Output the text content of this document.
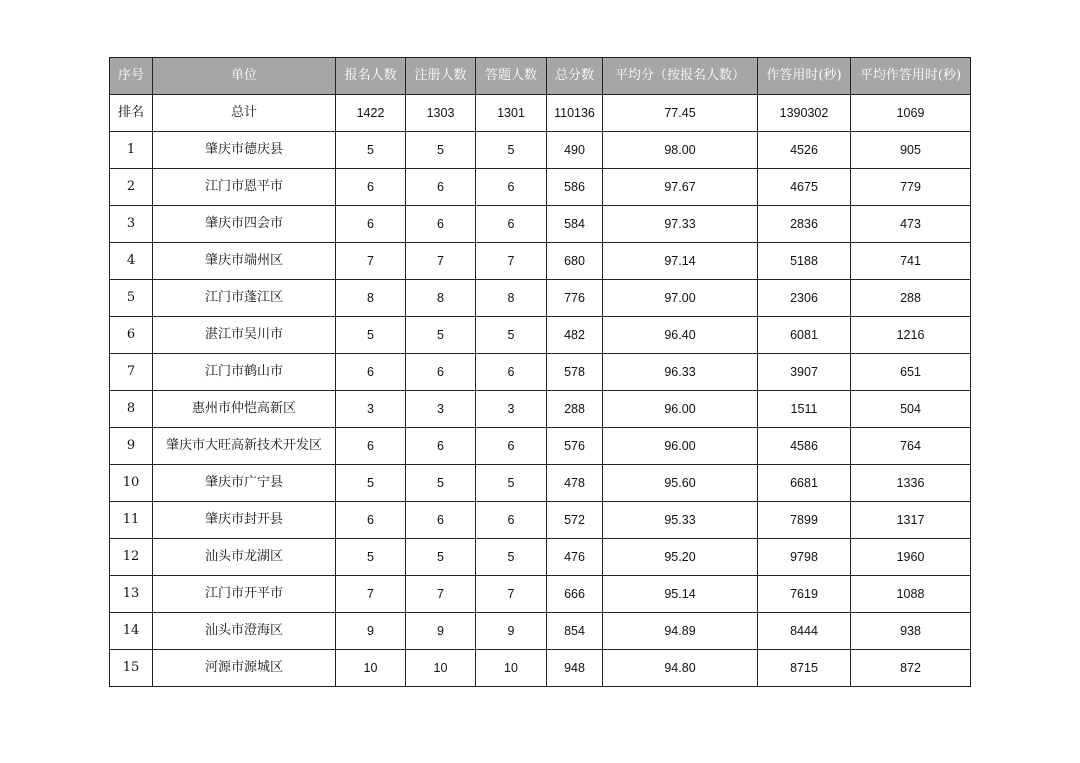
序号	单位	报名人数	注册人数	答题人数	总分数	平均分（按报名人数）	作答用时(秒)	平均作答用时(秒)
排名	总计	1422	1303	1301	110136	77.45	1390302	1069
1	肇庆市德庆县	5	5	5	490	98.00	4526	905
2	江门市恩平市	6	6	6	586	97.67	4675	779
3	肇庆市四会市	6	6	6	584	97.33	2836	473
4	肇庆市端州区	7	7	7	680	97.14	5188	741
5	江门市蓬江区	8	8	8	776	97.00	2306	288
6	湛江市吴川市	5	5	5	482	96.40	6081	1216
7	江门市鹤山市	6	6	6	578	96.33	3907	651
8	惠州市仲恺高新区	3	3	3	288	96.00	1511	504
9	肇庆市大旺高新技术开发区	6	6	6	576	96.00	4586	764
10	肇庆市广宁县	5	5	5	478	95.60	6681	1336
11	肇庆市封开县	6	6	6	572	95.33	7899	1317
12	汕头市龙湖区	5	5	5	476	95.20	9798	1960
13	江门市开平市	7	7	7	666	95.14	7619	1088
14	汕头市澄海区	9	9	9	854	94.89	8444	938
15	河源市源城区	10	10	10	948	94.80	8715	872
